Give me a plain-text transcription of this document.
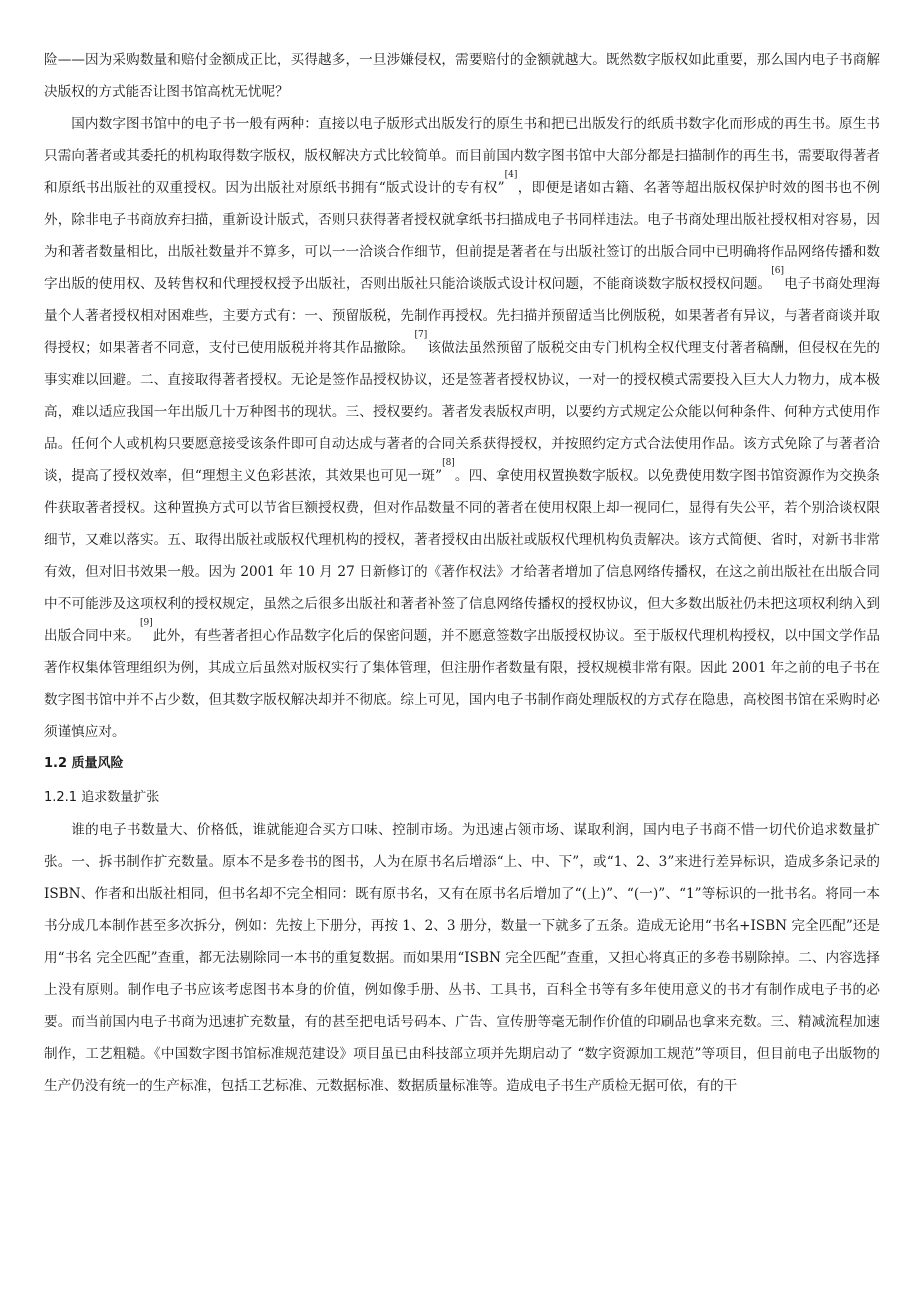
险——因为采购数量和赔付金额成正比，买得越多，一旦涉嫌侵权，需要赔付的金额就越大。既然数字版权如此重要，那么国内电子书商解决版权的方式能否让图书馆高枕无忧呢？

国内数字图书馆中的电子书一般有两种：直接以电子版形式出版发行的原生书和把已出版发行的纸质书数字化而形成的再生书。原生书只需向著者或其委托的机构取得数字版权，版权解决方式比较简单。而目前国内数字图书馆中大部分都是扫描制作的再生书，需要取得著者和原纸书出版社的双重授权。因为出版社对原纸书拥有“版式设计的专有权”[4]，即便是诸如古籍、名著等超出版权保护时效的图书也不例外，除非电子书商放弃扫描，重新设计版式，否则只获得著者授权就拿纸书扫描成电子书同样违法。电子书商处理出版社授权相对容易，因为和著者数量相比，出版社数量并不算多，可以一一洽谈合作细节，但前提是著者在与出版社签订的出版合同中已明确将作品网络传播和数字出版的使用权、及转售权和代理授权授予出版社，否则出版社只能洽谈版式设计权问题，不能商谈数字版权授权问题。[6]电子书商处理海量个人著者授权相对困难些，主要方式有：一、预留版税，先制作再授权。先扫描并预留适当比例版税，如果著者有异议，与著者商谈并取得授权；如果著者不同意，支付已使用版税并将其作品撤除。[7]该做法虽然预留了版税交由专门机构全权代理支付著者稿酬，但侵权在先的事实难以回避。二、直接取得著者授权。无论是签作品授权协议，还是签著者授权协议，一对一的授权模式需要投入巨大人力物力，成本极高，难以适应我国一年出版几十万种图书的现状。三、授权要约。著者发表版权声明，以要约方式规定公众能以何种条件、何种方式使用作品。任何个人或机构只要愿意接受该条件即可自动达成与著者的合同关系获得授权，并按照约定方式合法使用作品。该方式免除了与著者洽谈，提高了授权效率，但“理想主义色彩甚浓，其效果也可见一斑”[8]。四、拿使用权置换数字版权。以免费使用数字图书馆资源作为交换条件获取著者授权。这种置换方式可以节省巨额授权费，但对作品数量不同的著者在使用权限上却一视同仁，显得有失公平，若个别洽谈权限细节，又难以落实。五、取得出版社或版权代理机构的授权，著者授权由出版社或版权代理机构负责解决。该方式简便、省时，对新书非常有效，但对旧书效果一般。因为 2001 年 10 月 27 日新修订的《著作权法》才给著者增加了信息网络传播权，在这之前出版社在出版合同中不可能涉及这项权利的授权规定，虽然之后很多出版社和著者补签了信息网络传播权的授权协议，但大多数出版社仍未把这项权利纳入到出版合同中来。[9]此外，有些著者担心作品数字化后的保密问题，并不愿意签数字出版授权协议。至于版权代理机构授权，以中国文学作品著作权集体管理组织为例，其成立后虽然对版权实行了集体管理，但注册作者数量有限，授权规模非常有限。因此 2001 年之前的电子书在数字图书馆中并不占少数，但其数字版权解决却并不彻底。综上可见，国内电子书制作商处理版权的方式存在隐患，高校图书馆在采购时必须谨慎应对。

1.2 质量风险

1.2.1 追求数量扩张

谁的电子书数量大、价格低，谁就能迎合买方口味、控制市场。为迅速占领市场、谋取利润，国内电子书商不惜一切代价追求数量扩张。一、拆书制作扩充数量。原本不是多卷书的图书，人为在原书名后增添“上、中、下”，或“1、2、3”来进行差异标识，造成多条记录的 ISBN、作者和出版社相同，但书名却不完全相同：既有原书名，又有在原书名后增加了“(上)”、“(一)”、“1”等标识的一批书名。将同一本书分成几本制作甚至多次拆分，例如：先按上下册分，再按 1、2、3 册分，数量一下就多了五条。造成无论用“书名+ISBN 完全匹配”还是用“书名 完全匹配”查重，都无法剔除同一本书的重复数据。而如果用“ISBN 完全匹配”查重，又担心将真正的多卷书剔除掉。二、内容选择上没有原则。制作电子书应该考虑图书本身的价值，例如像手册、丛书、工具书，百科全书等有多年使用意义的书才有制作成电子书的必要。而当前国内电子书商为迅速扩充数量，有的甚至把电话号码本、广告、宣传册等毫无制作价值的印刷品也拿来充数。三、精减流程加速制作，工艺粗糙。《中国数字图书馆标准规范建设》项目虽已由科技部立项并先期启动了 “数字资源加工规范”等项目，但目前电子出版物的生产仍没有统一的生产标准，包括工艺标准、元数据标准、数据质量标准等。造成电子书生产质检无据可依，有的干
